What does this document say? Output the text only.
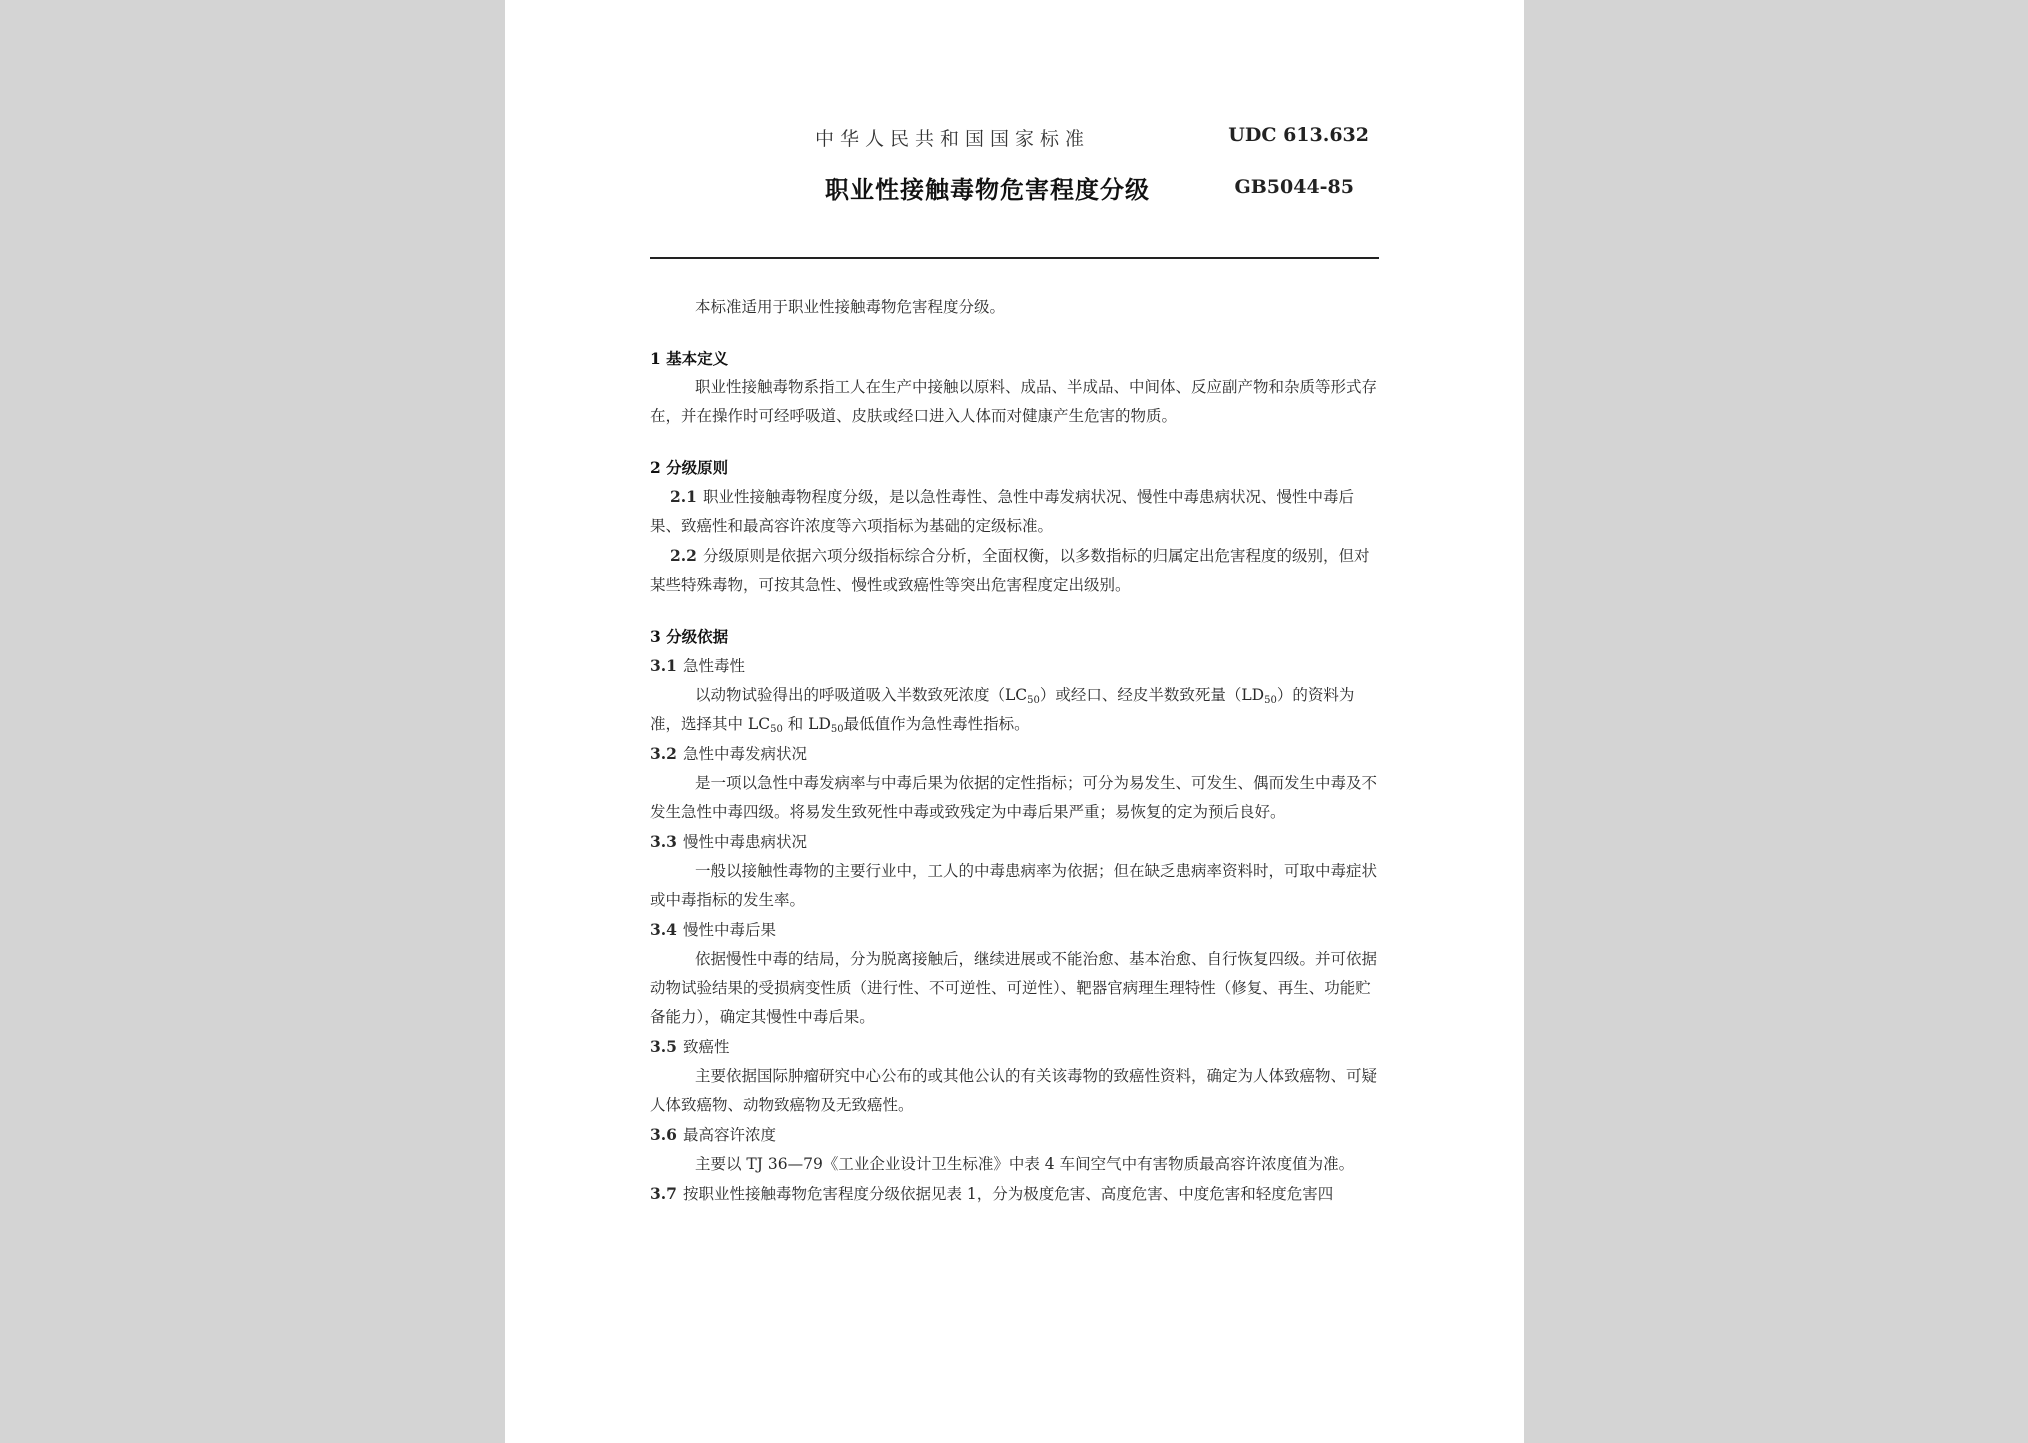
中华人民共和国国家标准	UDC 613.632
职业性接触毒物危害程度分级	GB5044-85

本标准适用于职业性接触毒物危害程度分级。

1 基本定义

职业性接触毒物系指工人在生产中接触以原料、成品、半成品、中间体、反应副产物和杂质等形式存在，并在操作时可经呼吸道、皮肤或经口进入人体而对健康产生危害的物质。

2 分级原则

2.1 职业性接触毒物程度分级，是以急性毒性、急性中毒发病状况、慢性中毒患病状况、慢性中毒后果、致癌性和最高容许浓度等六项指标为基础的定级标准。

2.2 分级原则是依据六项分级指标综合分析，全面权衡，以多数指标的归属定出危害程度的级别，但对某些特殊毒物，可按其急性、慢性或致癌性等突出危害程度定出级别。

3 分级依据

3.1 急性毒性

以动物试验得出的呼吸道吸入半数致死浓度$(LC_{50})$或经口、经皮半数致死量$(LD_{50})$的资料为准，选择其中 $LC_{50}$ 和 $LD_{50}$最低值作为急性毒性指标。

3.2 急性中毒发病状况

是一项以急性中毒发病率与中毒后果为依据的定性指标；可分为易发生、可发生、偶而发生中毒及不发生急性中毒四级。将易发生致死性中毒或致残定为中毒后果严重；易恢复的定为预后良好。

3.3 慢性中毒患病状况

一般以接触性毒物的主要行业中，工人的中毒患病率为依据；但在缺乏患病率资料时，可取中毒症状或中毒指标的发生率。

3.4 慢性中毒后果

依据慢性中毒的结局，分为脱离接触后，继续进展或不能治愈、基本治愈、自行恢复四级。并可依据动物试验结果的受损病变性质（进行性、不可逆性、可逆性）、靶器官病理生理特性（修复、再生、功能贮备能力），确定其慢性中毒后果。

3.5 致癌性

主要依据国际肿瘤研究中心公布的或其他公认的有关该毒物的致癌性资料，确定为人体致癌物、可疑人体致癌物、动物致癌物及无致癌性。

3.6 最高容许浓度

主要以 TJ 36—79《工业企业设计卫生标准》中表 4 车间空气中有害物质最高容许浓度值为准。

3.7 按职业性接触毒物危害程度分级依据见表 1，分为极度危害、高度危害、中度危害和轻度危害四
